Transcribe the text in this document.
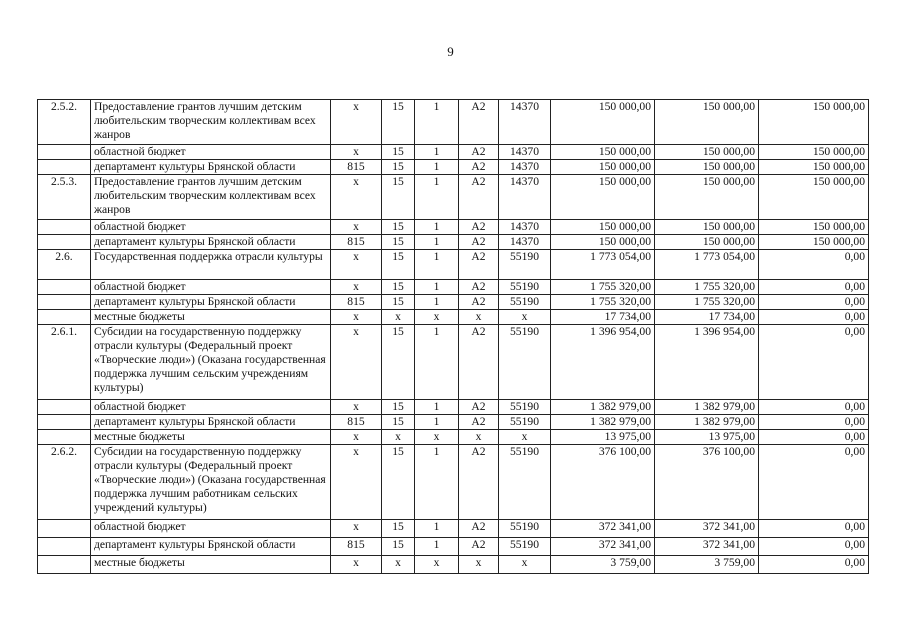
9
2.5.2.	Предоставление грантов лучшим детским любительским творческим коллективам всех жанров	х	15	1	А2	14370	150 000,00	150 000,00	150 000,00
	областной бюджет	х	15	1	А2	14370	150 000,00	150 000,00	150 000,00
	департамент культуры Брянской области	815	15	1	А2	14370	150 000,00	150 000,00	150 000,00
2.5.3.	Предоставление грантов лучшим детским любительским творческим коллективам всех жанров	х	15	1	А2	14370	150 000,00	150 000,00	150 000,00
	областной бюджет	х	15	1	А2	14370	150 000,00	150 000,00	150 000,00
	департамент культуры Брянской области	815	15	1	А2	14370	150 000,00	150 000,00	150 000,00
2.6.	Государственная поддержка отрасли культуры	х	15	1	А2	55190	1 773 054,00	1 773 054,00	0,00
	областной бюджет	х	15	1	А2	55190	1 755 320,00	1 755 320,00	0,00
	департамент культуры Брянской области	815	15	1	А2	55190	1 755 320,00	1 755 320,00	0,00
	местные бюджеты	х	х	х	х	х	17 734,00	17 734,00	0,00
2.6.1.	Субсидии на государственную поддержку отрасли культуры (Федеральный проект «Творческие люди») (Оказана государственная поддержка лучшим сельским учреждениям культуры)	х	15	1	А2	55190	1 396 954,00	1 396 954,00	0,00
	областной бюджет	х	15	1	А2	55190	1 382 979,00	1 382 979,00	0,00
	департамент культуры Брянской области	815	15	1	А2	55190	1 382 979,00	1 382 979,00	0,00
	местные бюджеты	х	х	х	х	х	13 975,00	13 975,00	0,00
2.6.2.	Субсидии на государственную поддержку отрасли культуры (Федеральный проект «Творческие люди») (Оказана государственная поддержка лучшим работникам сельских учреждений культуры)	х	15	1	А2	55190	376 100,00	376 100,00	0,00
	областной бюджет	х	15	1	А2	55190	372 341,00	372 341,00	0,00
	департамент культуры Брянской области	815	15	1	А2	55190	372 341,00	372 341,00	0,00
	местные бюджеты	х	х	х	х	х	3 759,00	3 759,00	0,00
